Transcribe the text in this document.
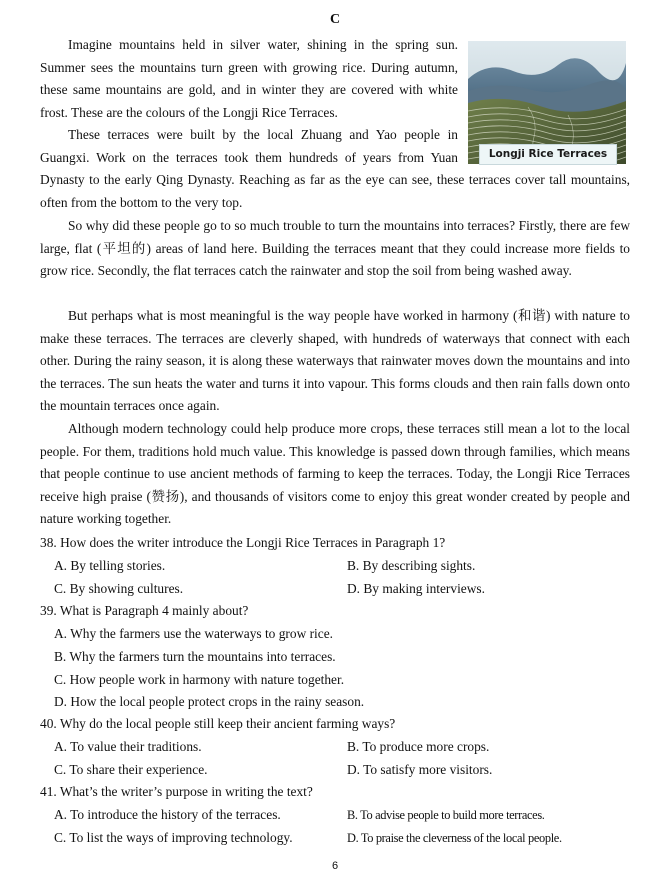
C
Longji Rice Terraces

Imagine mountains held in silver water, shining in the spring sun. Summer sees the mountains turn green with growing rice. During autumn, these same mountains are gold, and in winter they are covered with white frost. These are the colours of the Longji Rice Terraces.

These terraces were built by the local Zhuang and Yao people in Guangxi. Work on the terraces took them hundreds of years from Yuan Dynasty to the early Qing Dynasty. Reaching as far as the eye can see, these terraces cover tall mountains, often from the bottom to the very top.

So why did these people go to so much trouble to turn the mountains into terraces? Firstly, there are few large, flat (平坦的) areas of land here. Building the terraces meant that they could increase more fields to grow rice. Secondly, the flat terraces catch the rainwater and stop the soil from being washed away.

But perhaps what is most meaningful is the way people have worked in harmony (和谐) with nature to make these terraces. The terraces are cleverly shaped, with hundreds of waterways that connect with each other. During the rainy season, it is along these waterways that rainwater moves down the mountains and into the terraces. The sun heats the water and turns it into vapour. This forms clouds and then rain falls down onto the mountain terraces once again.

Although modern technology could help produce more crops, these terraces still mean a lot to the local people. For them, traditions hold much value. This knowledge is passed down through families, which means that people continue to use ancient methods of farming to keep the terraces. Today, the Longji Rice Terraces receive high praise (赞扬), and thousands of visitors come to enjoy this great wonder created by people and nature working together.

38. How does the writer introduce the Longji Rice Terraces in Paragraph 1?
A. By telling stories.	B. By describing sights.
C. By showing cultures.	D. By making interviews.
39. What is Paragraph 4 mainly about?
A. Why the farmers use the waterways to grow rice.
B. Why the farmers turn the mountains into terraces.
C. How people work in harmony with nature together.
D. How the local people protect crops in the rainy season.
40. Why do the local people still keep their ancient farming ways?
A. To value their traditions.	B. To produce more crops.
C. To share their experience.	D. To satisfy more visitors.
41. What’s the writer’s purpose in writing the text?
A. To introduce the history of the terraces.	B. To advise people to build more terraces.
C. To list the ways of improving technology.	D. To praise the cleverness of the local people.
6
